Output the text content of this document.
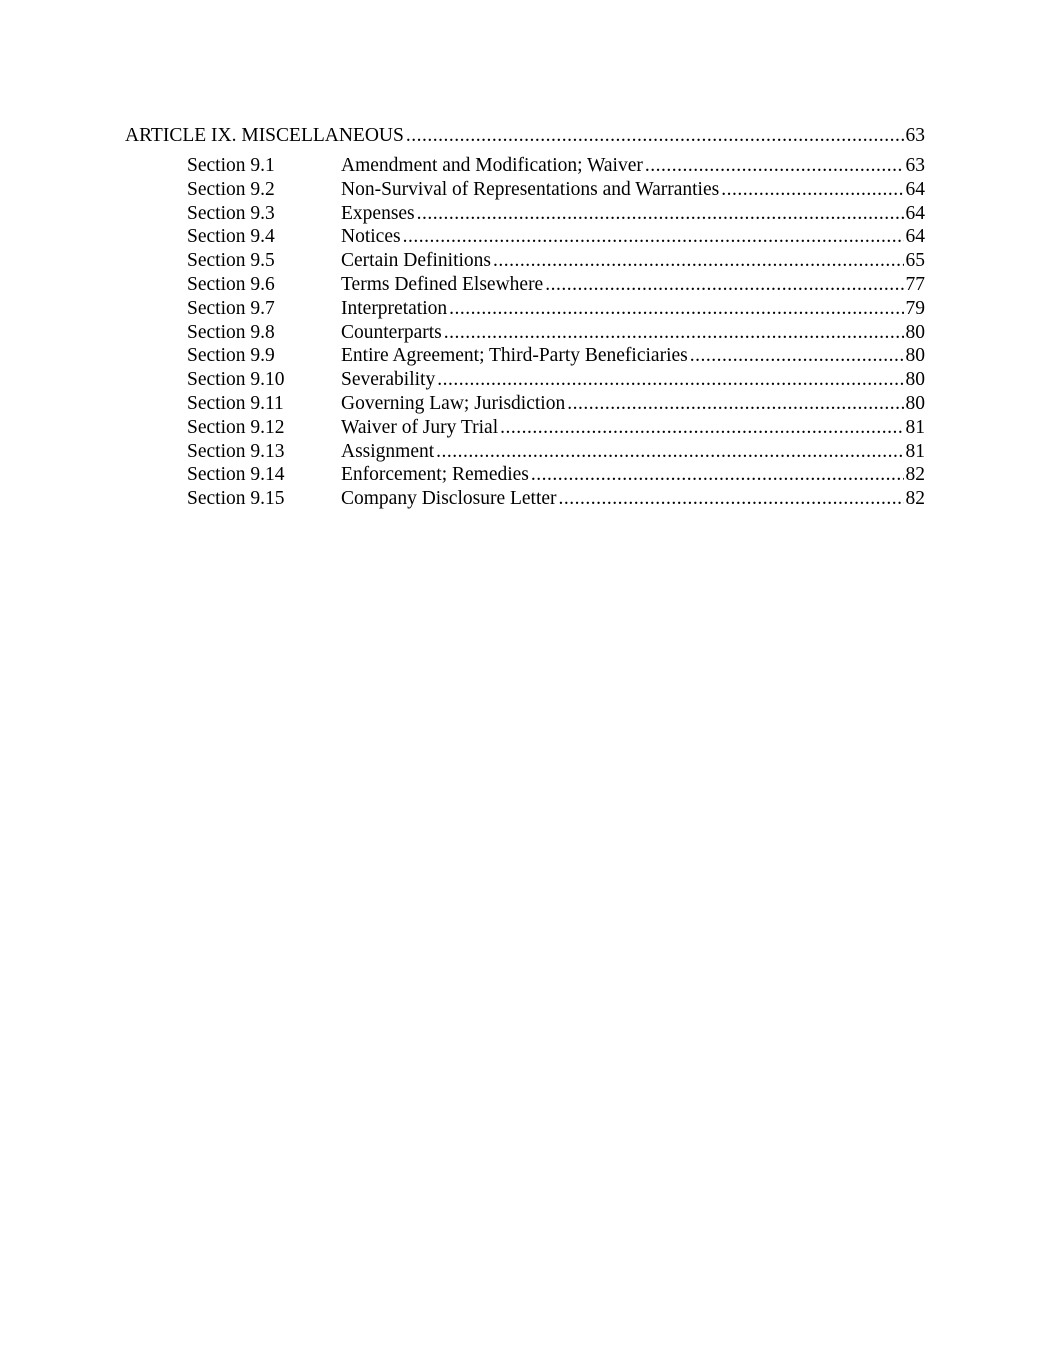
ARTICLE IX. MISCELLANEOUS .....	63
Section 9.1	Amendment and Modification; Waiver .....	63
Section 9.2	Non-Survival of Representations and Warranties .....	64
Section 9.3	Expenses .....	64
Section 9.4	Notices .....	64
Section 9.5	Certain Definitions .....	65
Section 9.6	Terms Defined Elsewhere .....	77
Section 9.7	Interpretation .....	79
Section 9.8	Counterparts .....	80
Section 9.9	Entire Agreement; Third-Party Beneficiaries .....	80
Section 9.10	Severability .....	80
Section 9.11	Governing Law; Jurisdiction .....	80
Section 9.12	Waiver of Jury Trial .....	81
Section 9.13	Assignment .....	81
Section 9.14	Enforcement; Remedies .....	82
Section 9.15	Company Disclosure Letter .....	82
